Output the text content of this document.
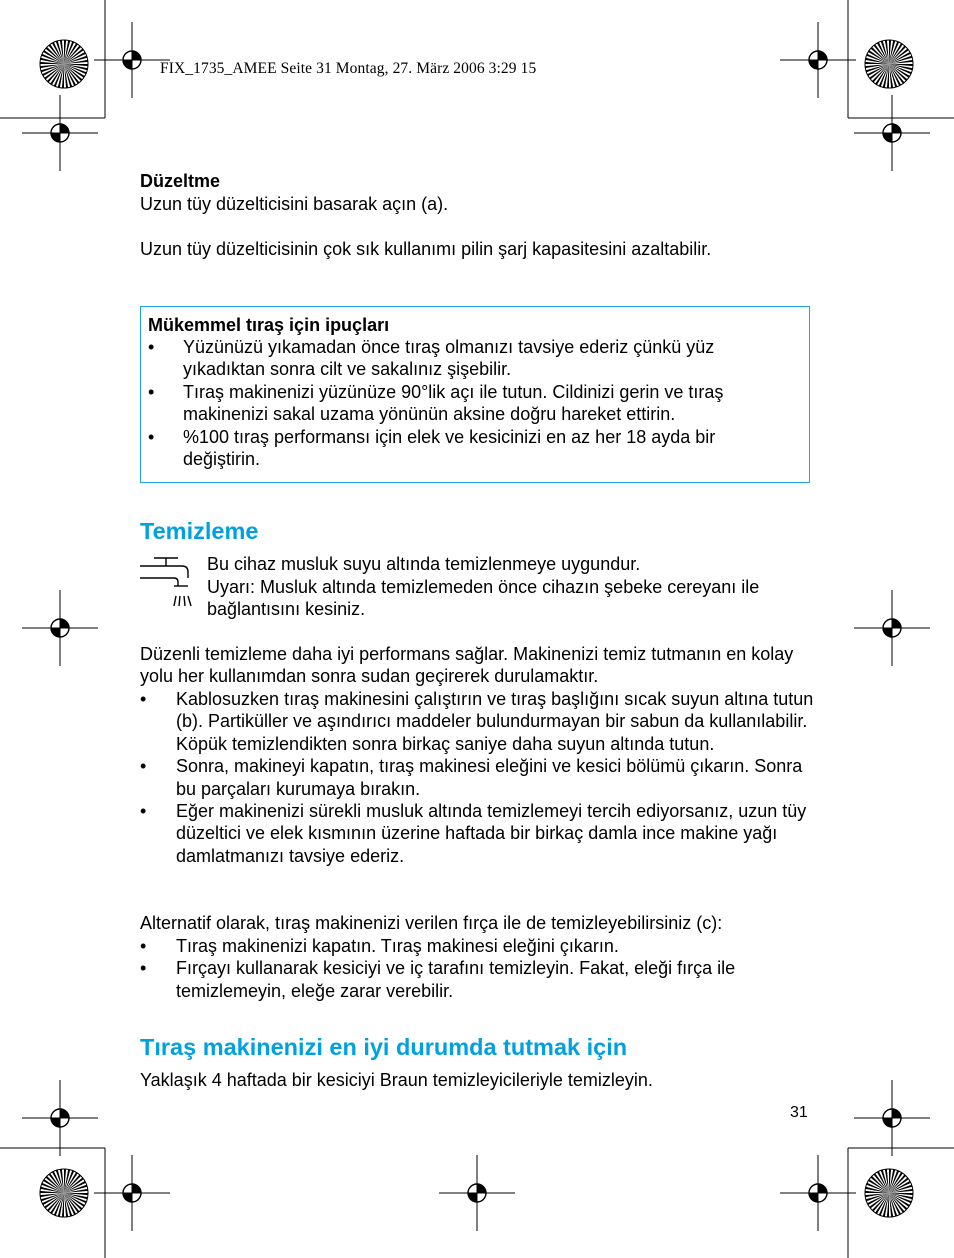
FIX_1735_AMEE Seite 31 Montag, 27. März 2006 3:29 15
Düzeltme
Uzun tüy düzelticisini basarak açın (a).
Uzun tüy düzelticisinin çok sık kullanımı pilin şarj kapasitesini azaltabilir.
Mükemmel tıraş için ipuçları
• Yüzünüzü yıkamadan önce tıraş olmanızı tavsiye ederiz çünkü yüz yıkadıktan sonra cilt ve sakalınız şişebilir.
• Tıraş makinenizi yüzünüze 90°lik açı ile tutun. Cildinizi gerin ve tıraş makinenizi sakal uzama yönünün aksine doğru hareket ettirin.
• %100 tıraş performansı için elek ve kesicinizi en az her 18 ayda bir değiştirin.
Temizleme
Bu cihaz musluk suyu altında temizlenmeye uygundur.
Uyarı: Musluk altında temizlemeden önce cihazın şebeke cereyanı ile bağlantısını kesiniz.
Düzenli temizleme daha iyi performans sağlar. Makinenizi temiz tutmanın en kolay yolu her kullanımdan sonra sudan geçirerek durulamaktır.
• Kablosuzken tıraş makinesini çalıştırın ve tıraş başlığını sıcak suyun altına tutun (b). Partiküller ve aşındırıcı maddeler bulundurmayan bir sabun da kullanılabilir. Köpük temizlendikten sonra birkaç saniye daha suyun altında tutun.
• Sonra, makineyi kapatın, tıraş makinesi eleğini ve kesici bölümü çıkarın. Sonra bu parçaları kurumaya bırakın.
• Eğer makinenizi sürekli musluk altında temizlemeyi tercih ediyorsanız, uzun tüy düzeltici ve elek kısmının üzerine haftada bir birkaç damla ince makine yağı damlatmanızı tavsiye ederiz.
Alternatif olarak, tıraş makinenizi verilen fırça ile de temizleyebilirsiniz (c):
• Tıraş makinenizi kapatın. Tıraş makinesi eleğini çıkarın.
• Fırçayı kullanarak kesiciyi ve iç tarafını temizleyin. Fakat, eleği fırça ile temizlemeyin, eleğe zarar verebilir.
Tıraş makinenizi en iyi durumda tutmak için
Yaklaşık 4 haftada bir kesiciyi Braun temizleyicileriyle temizleyin.
31
